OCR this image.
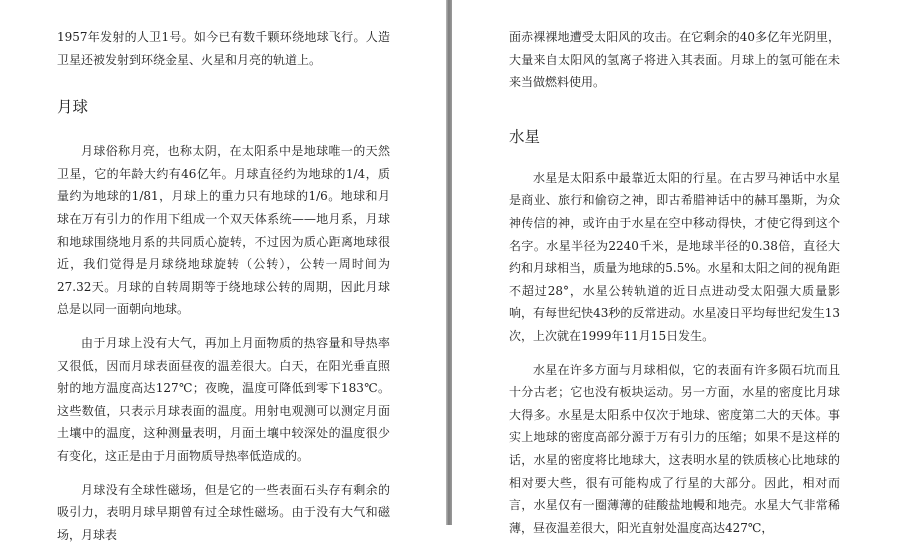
1957年发射的人卫1号。如今已有数千颗环绕地球飞行。人造卫星还被发射到环绕金星、火星和月亮的轨道上。

月球

月球俗称月亮，也称太阴，在太阳系中是地球唯一的天然卫星，它的年龄大约有46亿年。月球直径约为地球的1/4，质量约为地球的1/81，月球上的重力只有地球的1/6。地球和月球在万有引力的作用下组成一个双天体系统——地月系，月球和地球围绕地月系的共同质心旋转，不过因为质心距离地球很近，我们觉得是月球绕地球旋转（公转），公转一周时间为27.32天。月球的自转周期等于绕地球公转的周期，因此月球总是以同一面朝向地球。

由于月球上没有大气，再加上月面物质的热容量和导热率又很低，因而月球表面昼夜的温差很大。白天，在阳光垂直照射的地方温度高达127℃；夜晚，温度可降低到零下183℃。这些数值，只表示月球表面的温度。用射电观测可以测定月面土壤中的温度，这种测量表明，月面土壤中较深处的温度很少有变化，这正是由于月面物质导热率低造成的。

月球没有全球性磁场，但是它的一些表面石头存有剩余的吸引力，表明月球早期曾有过全球性磁场。由于没有大气和磁场，月球表

面赤裸裸地遭受太阳风的攻击。在它剩余的40多亿年光阴里，大量来自太阳风的氢离子将进入其表面。月球上的氢可能在未来当做燃料使用。

水星

水星是太阳系中最靠近太阳的行星。在古罗马神话中水星是商业、旅行和偷窃之神，即古希腊神话中的赫耳墨斯，为众神传信的神，或许由于水星在空中移动得快，才使它得到这个名字。水星半径为2240千米，是地球半径的0.38倍，直径大约和月球相当，质量为地球的5.5%。水星和太阳之间的视角距不超过28°，水星公转轨道的近日点进动受太阳强大质量影响，有每世纪快43秒的反常进动。水星凌日平均每世纪发生13次，上次就在1999年11月15日发生。

水星在许多方面与月球相似，它的表面有许多陨石坑而且十分古老；它也没有板块运动。另一方面，水星的密度比月球大得多。水星是太阳系中仅次于地球、密度第二大的天体。事实上地球的密度高部分源于万有引力的压缩；如果不是这样的话，水星的密度将比地球大，这表明水星的铁质核心比地球的相对要大些，很有可能构成了行星的大部分。因此，相对而言，水星仅有一圈薄薄的硅酸盐地幔和地壳。水星大气非常稀薄，昼夜温差很大，阳光直射处温度高达427℃，
